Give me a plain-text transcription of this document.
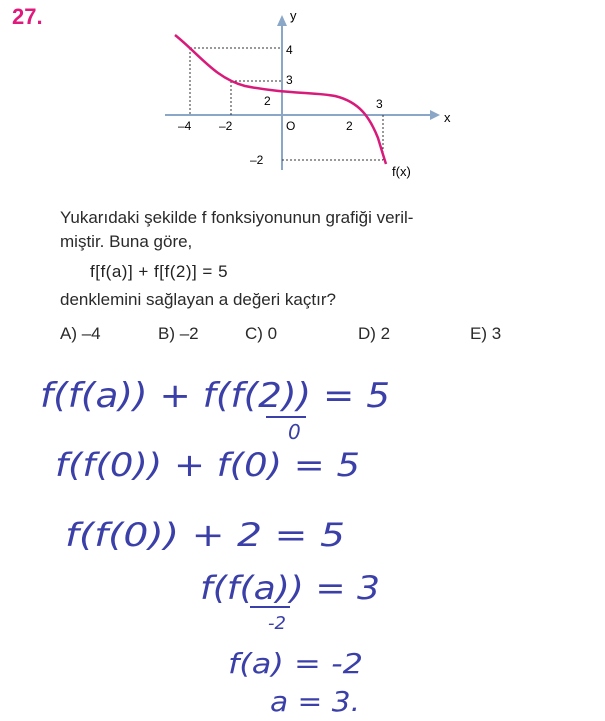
27.	y
x
4
3
2
–2
–4 –2	O	2
3
f(x)
Yukarıdaki şekilde f fonksiyonunun grafiği veril-
miştir. Buna göre,
f[f(a)] + f[f(2)] = 5
denklemini sağlayan a değeri kaçtır?
A) –4	B) –2	C) 0	D) 2	E) 3
f(f(a)) + f(f(2)) = 5
0
f(f(0)) + f(0) = 5
f(f(0)) + 2 = 5
f(f(a)) = 3
-2
f(a) = -2
a = 3.
